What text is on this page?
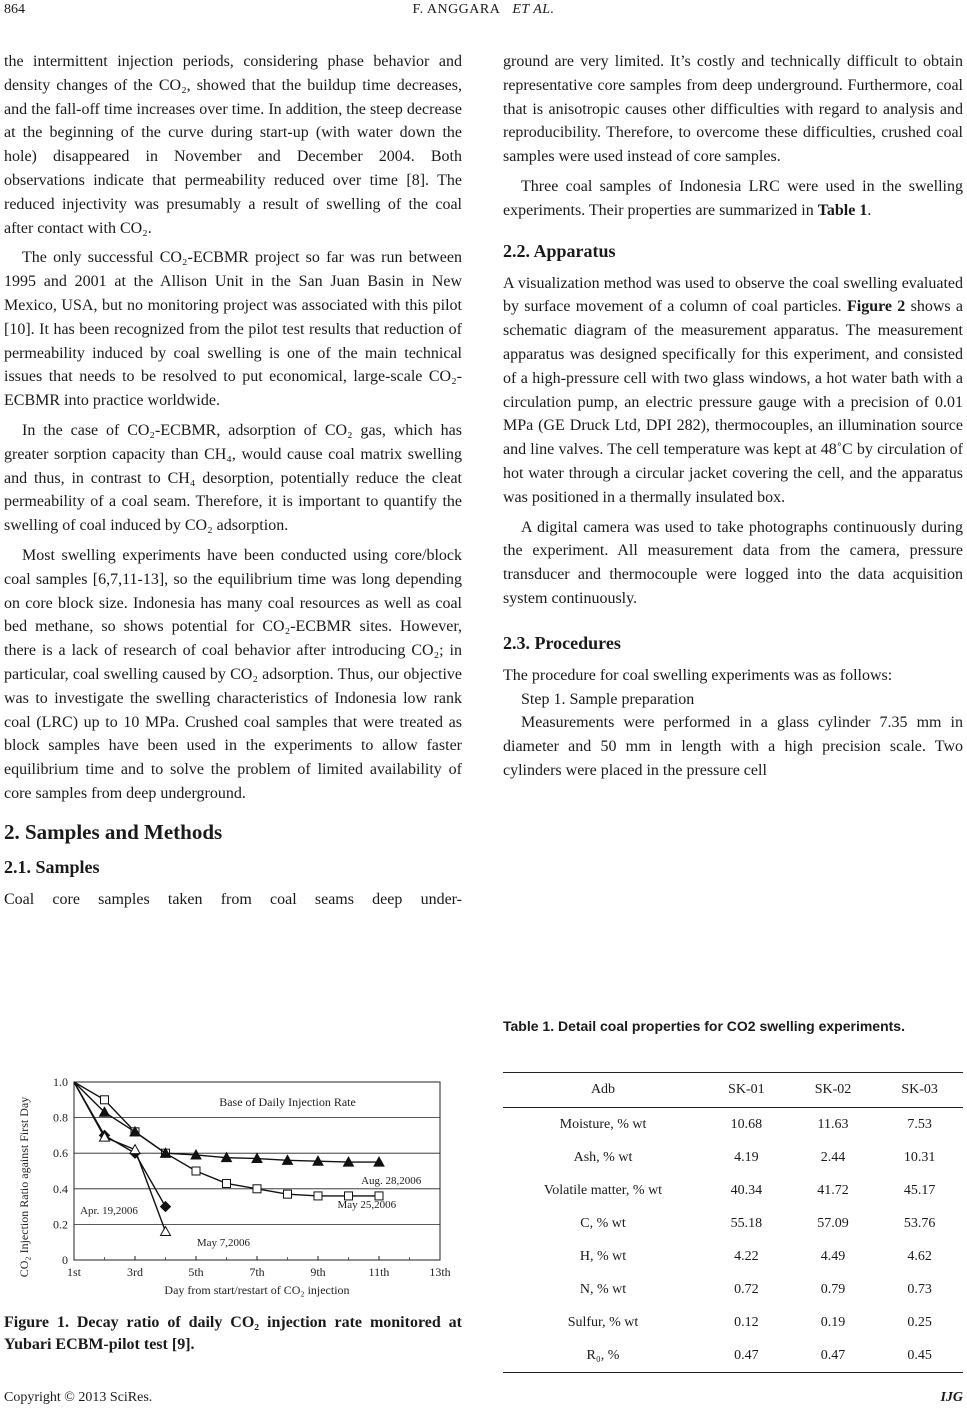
864	F. ANGGARA ET AL.

the intermittent injection periods, considering phase behavior and density changes of the CO₂, showed that the buildup time decreases, and the fall-off time increases over time. In addition, the steep decrease at the beginning of the curve during start-up (with water down the hole) disappeared in November and December 2004. Both observations indicate that permeability reduced over time [8]. The reduced injectivity was presumably a result of swelling of the coal after contact with CO₂.

The only successful CO₂-ECBMR project so far was run between 1995 and 2001 at the Allison Unit in the San Juan Basin in New Mexico, USA, but no monitoring project was associated with this pilot [10]. It has been recognized from the pilot test results that reduction of permeability induced by coal swelling is one of the main technical issues that needs to be resolved to put economical, large-scale CO₂-ECBMR into practice worldwide.

In the case of CO₂-ECBMR, adsorption of CO₂ gas, which has greater sorption capacity than CH₄, would cause coal matrix swelling and thus, in contrast to CH₄ desorption, potentially reduce the cleat permeability of a coal seam. Therefore, it is important to quantify the swelling of coal induced by CO₂ adsorption.

Most swelling experiments have been conducted using core/block coal samples [6,7,11-13], so the equilibrium time was long depending on core block size. Indonesia has many coal resources as well as coal bed methane, so shows potential for CO₂-ECBMR sites. However, there is a lack of research of coal behavior after introducing CO₂; in particular, coal swelling caused by CO₂ adsorption. Thus, our objective was to investigate the swelling characteristics of Indonesia low rank coal (LRC) up to 10 MPa. Crushed coal samples that were treated as block samples have been used in the experiments to allow faster equilibrium time and to solve the problem of limited availability of core samples from deep underground.

2. Samples and Methods
2.1. Samples

Coal core samples taken from coal seams deep under-

ground are very limited. It’s costly and technically difficult to obtain representative core samples from deep underground. Furthermore, coal that is anisotropic causes other difficulties with regard to analysis and reproducibility. Therefore, to overcome these difficulties, crushed coal samples were used instead of core samples.

Three coal samples of Indonesia LRC were used in the swelling experiments. Their properties are summarized in Table 1.

2.2. Apparatus

A visualization method was used to observe the coal swelling evaluated by surface movement of a column of coal particles. Figure 2 shows a schematic diagram of the measurement apparatus. The measurement apparatus was designed specifically for this experiment, and consisted of a high-pressure cell with two glass windows, a hot water bath with a circulation pump, an electric pressure gauge with a precision of 0.01 MPa (GE Druck Ltd, DPI 282), thermocouples, an illumination source and line valves. The cell temperature was kept at 48˚C by circulation of hot water through a circular jacket covering the cell, and the apparatus was positioned in a thermally insulated box.

A digital camera was used to take photographs continuously during the experiment. All measurement data from the camera, pressure transducer and thermocouple were logged into the data acquisition system continuously.

2.3. Procedures

The procedure for coal swelling experiments was as follows:

Step 1. Sample preparation

Measurements were performed in a glass cylinder 7.35 mm in diameter and 50 mm in length with a high precision scale. Two cylinders were placed in the pressure cell

0
0.2
0.4
0.6
0.8
1.0
1st	3rd	5th	7th	9th	11th	13th
Day from start/restart of CO₂ injection
CO₂ Injection Ratio against First Day	Base of Daily Injection Rate
Apr. 19,2006
May 7,2006
May 25,2006
Aug. 28,2006
Figure 1. Decay ratio of daily CO₂ injection rate monitored at Yubari ECBM-pilot test [9].
Table 1. Detail coal properties for CO2 swelling experiments.
Adb	SK-01	SK-02	SK-03
Moisture, % wt	10.68	11.63	7.53
Ash, % wt	4.19	2.44	10.31
Volatile matter, % wt	40.34	41.72	45.17
C, % wt	55.18	57.09	53.76
H, % wt	4.22	4.49	4.62
N, % wt	0.72	0.79	0.73
Sulfur, % wt	0.12	0.19	0.25
R₀, %	0.47	0.47	0.45
Copyright © 2013 SciRes.	IJG
